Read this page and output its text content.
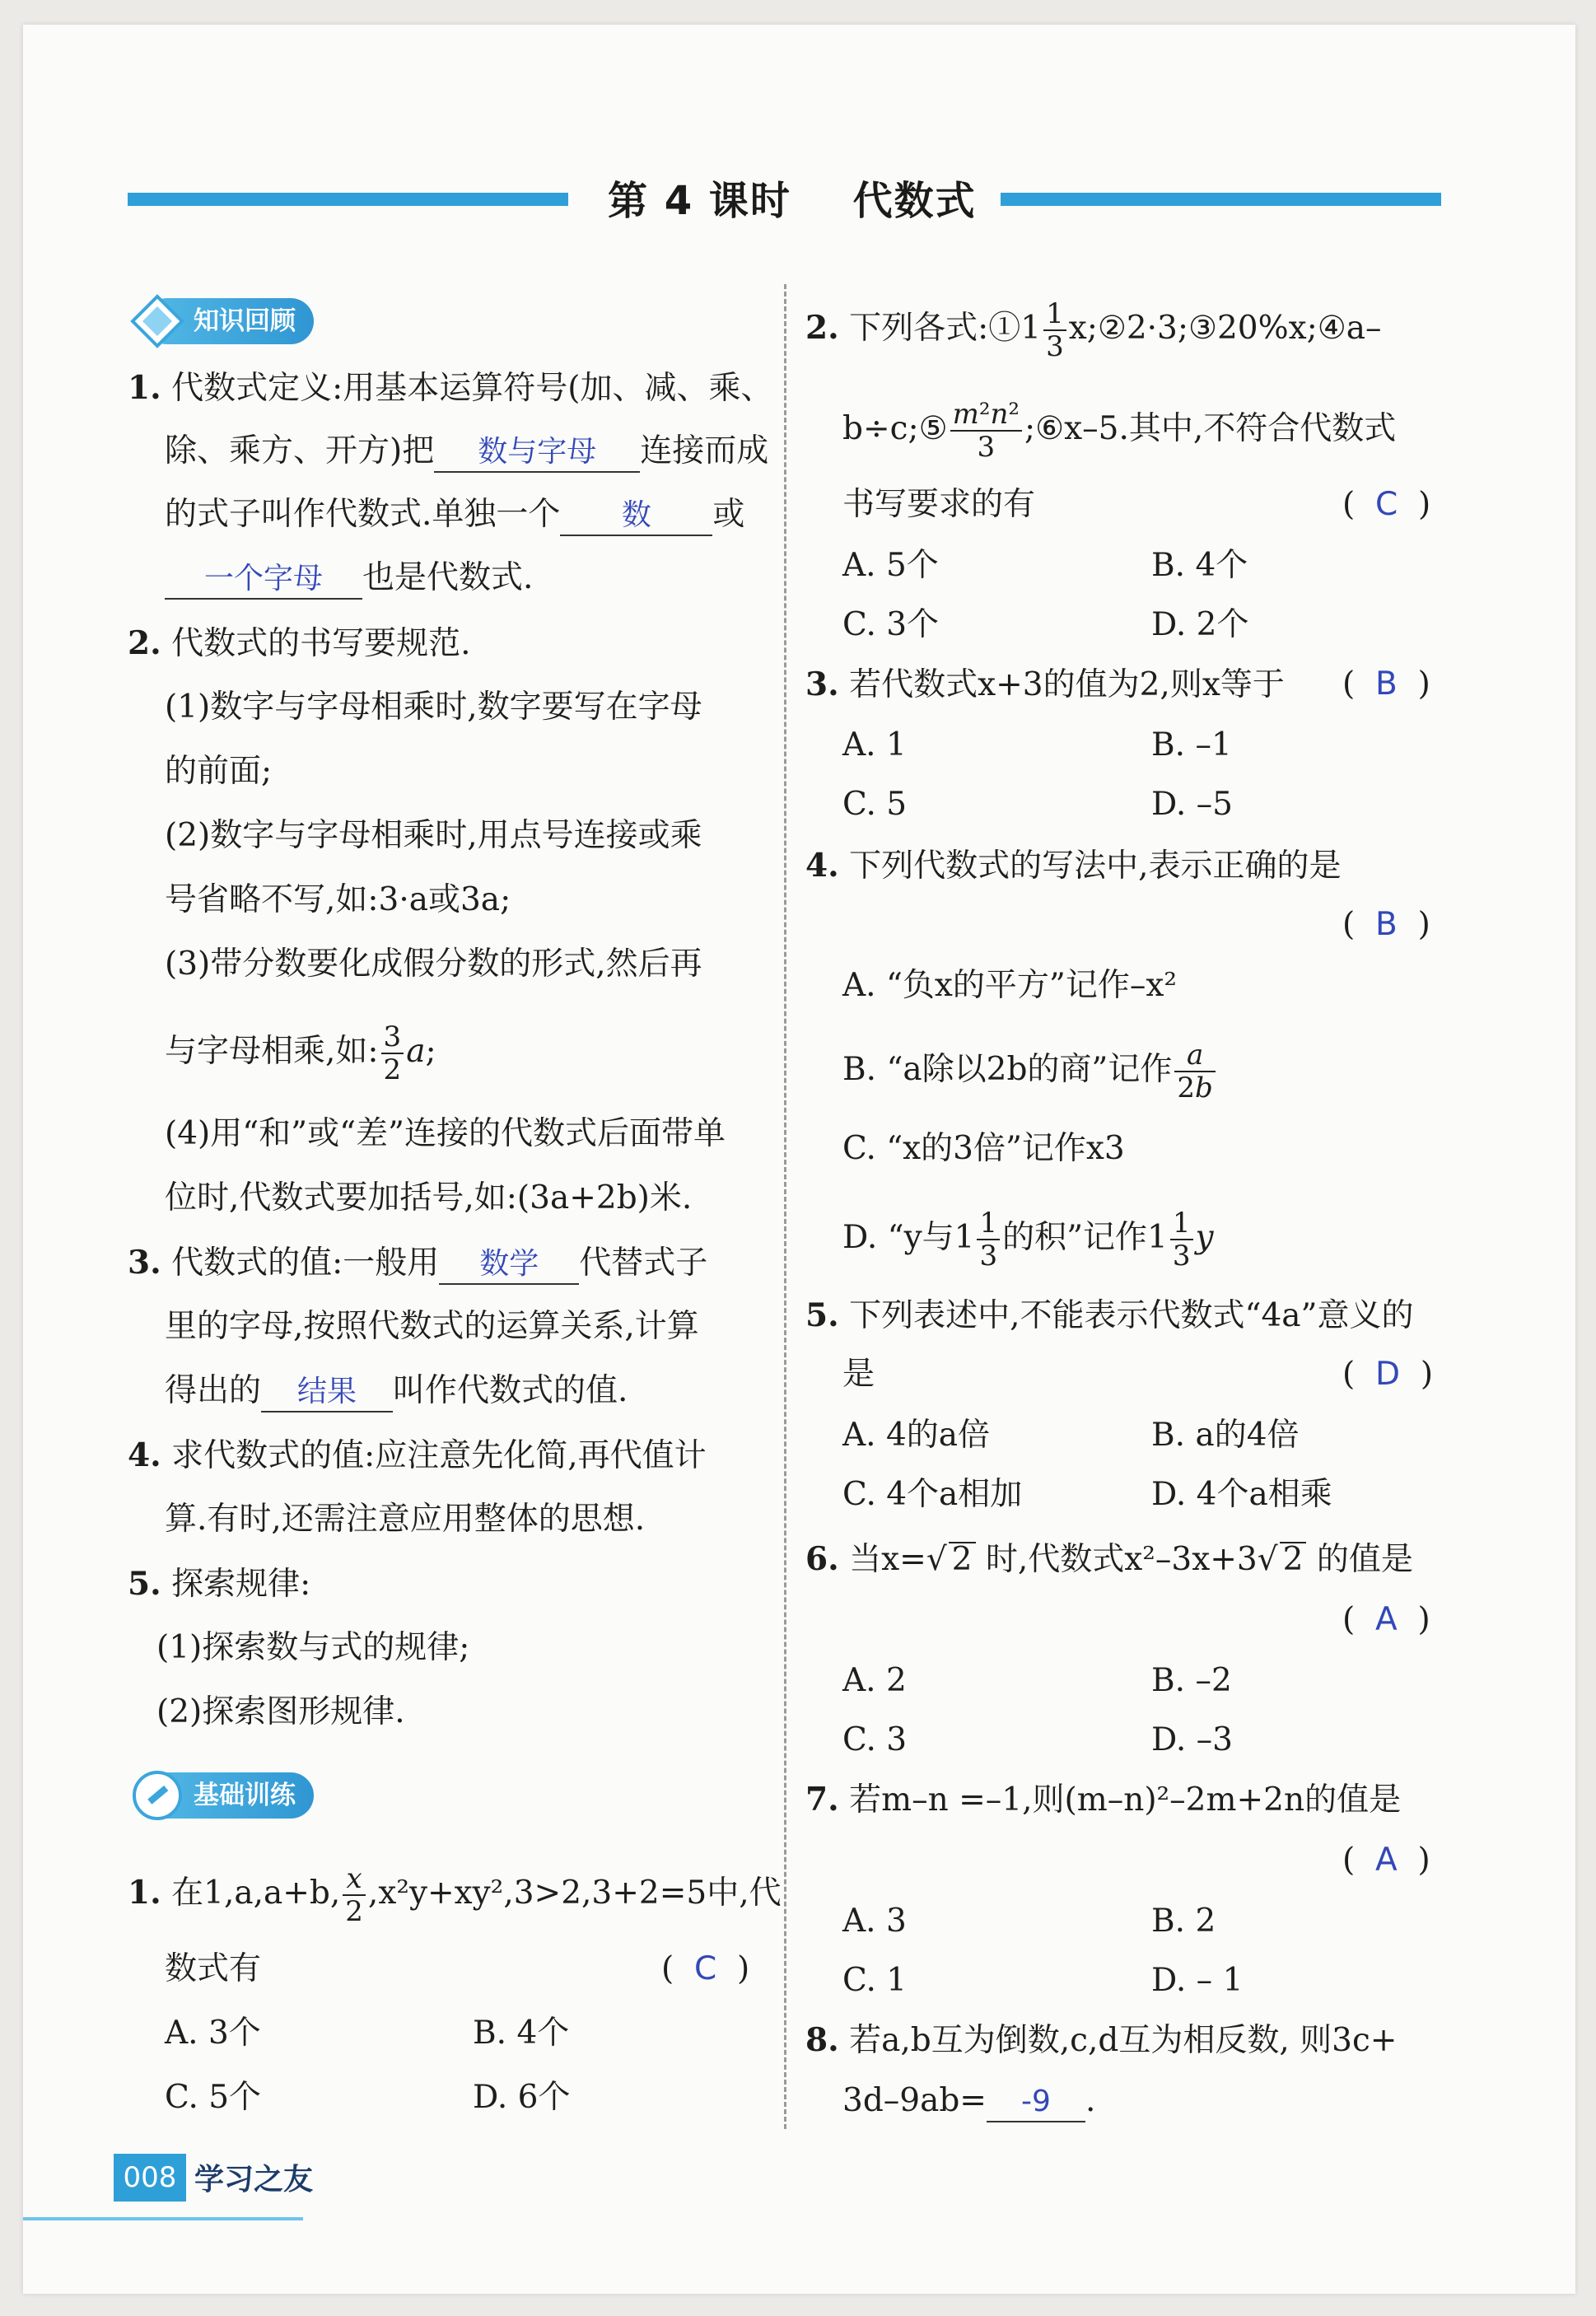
第 4 课时    代数式
知识回顾
1. 代数式定义:用基本运算符号(加、减、乘、
除、乘方、开方)把 数与字母 连接而成
的式子叫作代数式.单独一个 数 或
一个字母 也是代数式.
2. 代数式的书写要规范.
(1)数字与字母相乘时,数字要写在字母
的前面;
(2)数字与字母相乘时,用点号连接或乘
号省略不写,如:3·a或3a;
(3)带分数要化成假分数的形式,然后再
与字母相乘,如: $\frac{3}{2} a$;
(4)用“和”或“差”连接的代数式后面带单
位时,代数式要加括号,如:(3a+2b)米.
3. 代数式的值:一般用 数学 代替式子
里的字母,按照代数式的运算关系,计算
得出的 结果 叫作代数式的值.
4. 求代数式的值:应注意先化简,再代值计
算.有时,还需注意应用整体的思想.
5. 探索规律:
(1)探索数与式的规律;
(2)探索图形规律.
基础训练
1. 在1,a,a+b, $\frac{x}{2} ,x^2y+xy^2,3>2,3+2=5$中,代
数式有	(  C  )
A. 3个	B. 4个
C. 5个	D. 6个
2. 下列各式:①1 $\frac{1}{3}$ x;②2·3;③20%x;④a–
b÷c;⑤ $\frac{\text{m²n²}}{3}$ ;⑥x–5.其中,不符合代数式
书写要求的有	(  C  )
A. 5个	B. 4个
C. 3个	D. 2个
3. 若代数式x+3的值为2,则x等于 (  B  )
A. 1	B. –1
C. 5	D. –5
4. 下列代数式的写法中,表示正确的是
(  B  )
A. “负x的平方”记作–x²
B. “a除以2b的商”记作 $\frac{a}{2b}$
C. “x的3倍”记作x3
D. “y与$1 \frac{1}{3}$ 的积”记作$1 \frac{1}{3}$ y
5. 下列表述中,不能表示代数式“4a”意义的
是	(  D  )
A. 4的a倍	B. a的4倍
C. 4个a相加	D. 4个a相乘
6. 当x=√ 2 时,代数式x²–3x+3√ 2 的值是
(  A  )
A. 2	B. –2
C. 3	D. –3
7. 若m–n =–1,则(m–n)²–2m+2n的值是
(  A  )
A. 3	B. 2
C. 1	D. – 1
8. 若a,b互为倒数,c,d互为相反数, 则3c+
3d–9ab= -9 .
008 学习之友
